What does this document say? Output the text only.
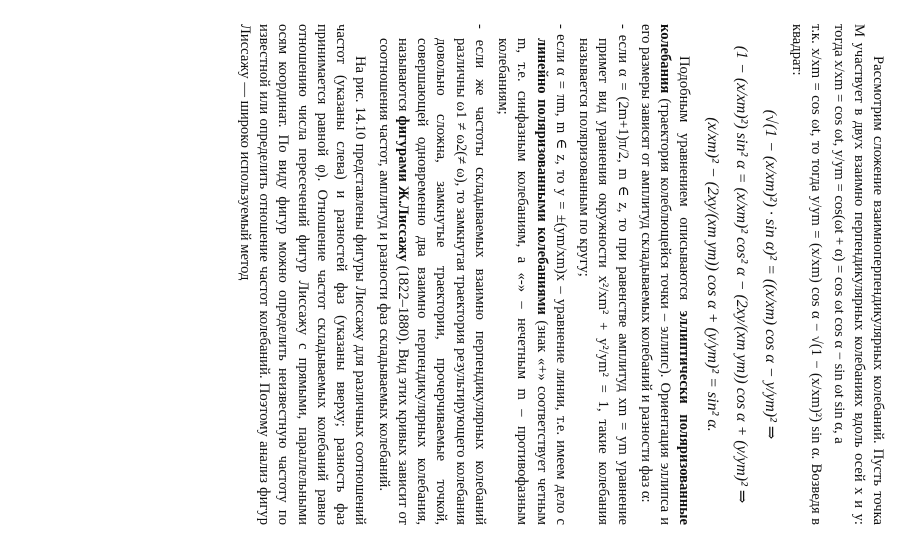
Рассмотрим сложение взаимноперпендикулярных колебаний. Пусть точка М участвует в двух взаимно перпендикулярных колебаниях вдоль осей x и y: тогда x/xm = cos ωt, y/ym = cos(ωt + α) = cos ωt cos α − sin ωt sin α, а

т.к. x/xm = cos ωt, то тогда y/ym = (x/xm) cos α − √(1 − (x/xm)²) sin α. Возведя в квадрат:

(√(1 − (x/xm)²) · sin α)² = ((x/xm) cos α − y/ym)² ⇒
(1 − (x/xm)²) sin² α = (x/xm)² cos² α − (2xy/(xm ym)) cos α + (y/ym)² ⇒
(x/xm)² − (2xy/(xm ym)) cos α + (y/ym)² = sin² α.

Подобным уравнением описываются эллиптически поляризованные колебания (траектория колеблющейся точки – эллипс). Ориентация эллипса и его размеры зависят от амплитуд складываемых колебаний и разности фаз α:

- если α = (2m+1)π/2, m ∈ z, то при равенстве амплитуд xm = ym уравнение примет вид уравнения окружности x²/xm² + y²/ym² = 1, такие колебания называется поляризованным по кругу;

- если α = πm, m ∈ z, то y = ±(ym/xm)x – уравнение линии, т.е. имеем дело с линейно поляризованными колебаниями (знак «+» соответствует четным m, т.е. синфазным колебаниям, а «-» – нечетным m – противофазным колебаниям;

- если же частоты складываемых взаимно перпендикулярных колебаний различны ω1 ≠ ω2(≠ ω), то замкнутая траектория результирующего колебания довольно сложна, замкнутые траектории, прочерчиваемые точкой, совершающей одновременно два взаимно перпендикулярных колебания, называются фигурами Ж.Лиссажу (1822–1880). Вид этих кривых зависит от соотношения частот, амплитуд и разности фаз складываемых колебаний.

На рис. 14.10 представлены фигуры Лиссажу для различных соотношений частот (указаны слева) и разностей фаз (указаны вверху; разность фаз принимается равной φ). Отношение частот складываемых колебаний равно отношению числа пересечений фигур Лиссажу с прямыми, параллельными осям координат. По виду фигур можно определить неизвестную частоту по известной или определить отношение частот колебаний. Поэтому анализ фигур Лиссажу — широко используемый метод
